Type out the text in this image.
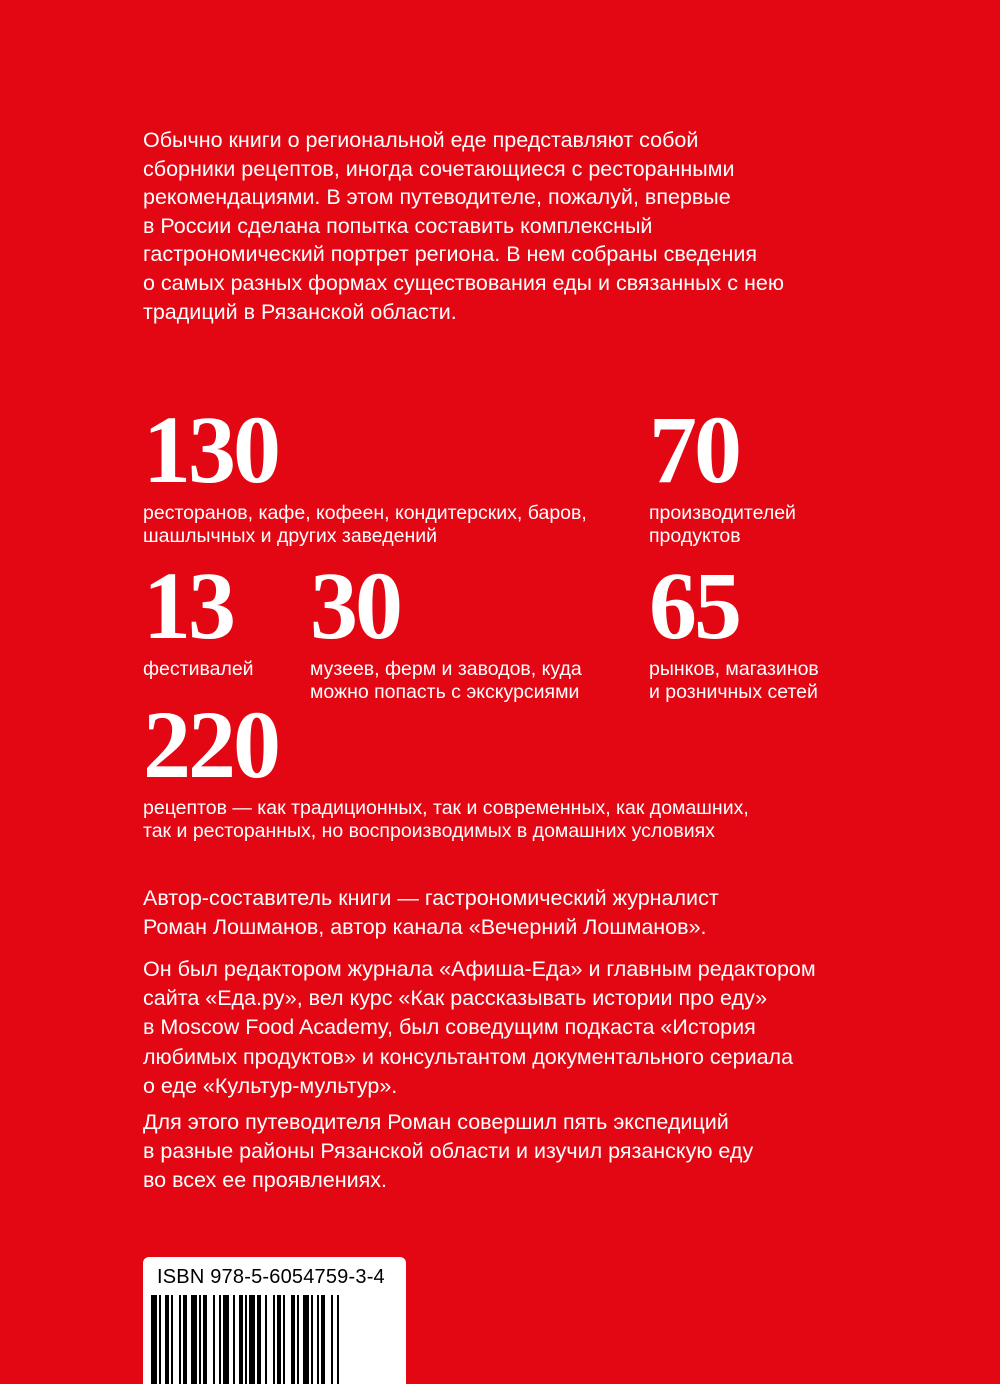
Обычно книги о региональной еде представляют собой
сборники рецептов, иногда сочетающиеся с ресторанными
рекомендациями. В этом путеводителе, пожалуй, впервые
в России сделана попытка составить комплексный
гастрономический портрет региона. В нем собраны сведения
о самых разных формах существования еды и связанных с нею
традиций в Рязанской области.

130

ресторанов, кафе, кофеен, кондитерских, баров,
шашлычных и других заведений

70

производителей
продуктов

13

фестивалей

30

музеев, ферм и заводов, куда
можно попасть с экскурсиями

65

рынков, магазинов
и розничных сетей

220

рецептов — как традиционных, так и современных, как домашних,
так и ресторанных, но воспроизводимых в домашних условиях

Автор-составитель книги — гастрономический журналист
Роман Лошманов, автор канала «Вечерний Лошманов».

Он был редактором журнала «Афиша-Еда» и главным редактором
сайта «Еда.ру», вел курс «Как рассказывать истории про еду»
в Moscow Food Academy, был соведущим подкаста «История
любимых продуктов» и консультантом документального сериала
о еде «Культур-мультур».

Для этого путеводителя Роман совершил пять экспедиций
в разные районы Рязанской области и изучил рязанскую еду
во всех ее проявлениях.

ISBN 978-5-6054759-3-4
